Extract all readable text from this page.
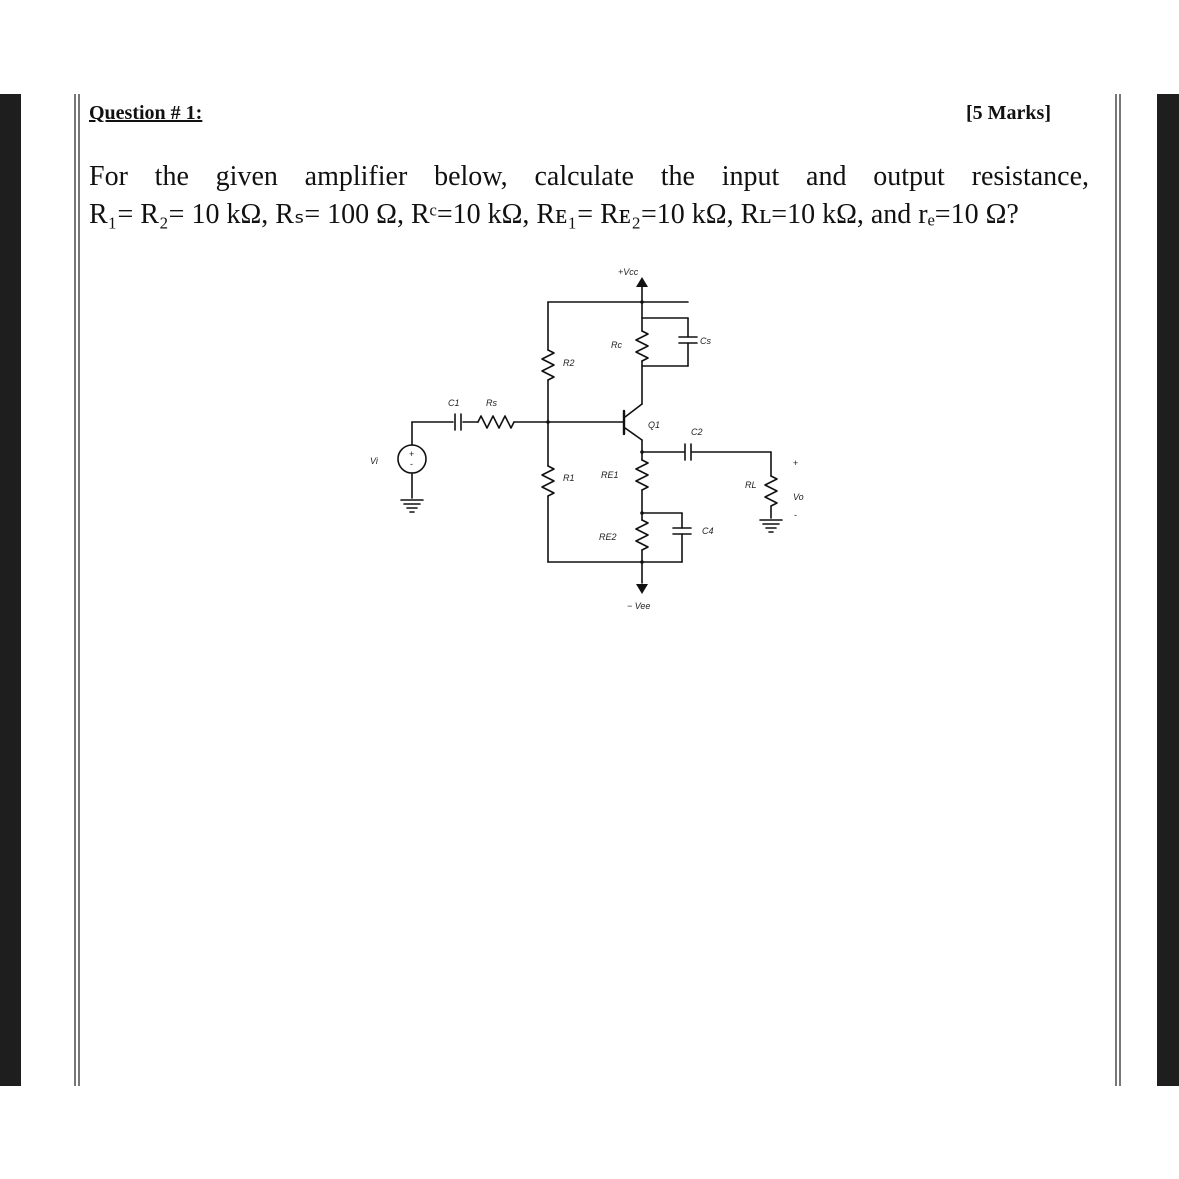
Question # 1:	[5 Marks]
For the given amplifier below, calculate the input and output resistance,
R₁= R₂= 10 kΩ, Rₛ= 100 Ω, Rᶜ=10 kΩ, Rᴇ₁= Rᴇ₂=10 kΩ, Rʟ=10 kΩ, and rₑ=10 Ω?
+Vcc
Rc	Cs
R2
C1	Rs
Q1
C2
Vi
+
-
R1	RE1
RL
+
Vo
-
RE2
C4
− Vee
